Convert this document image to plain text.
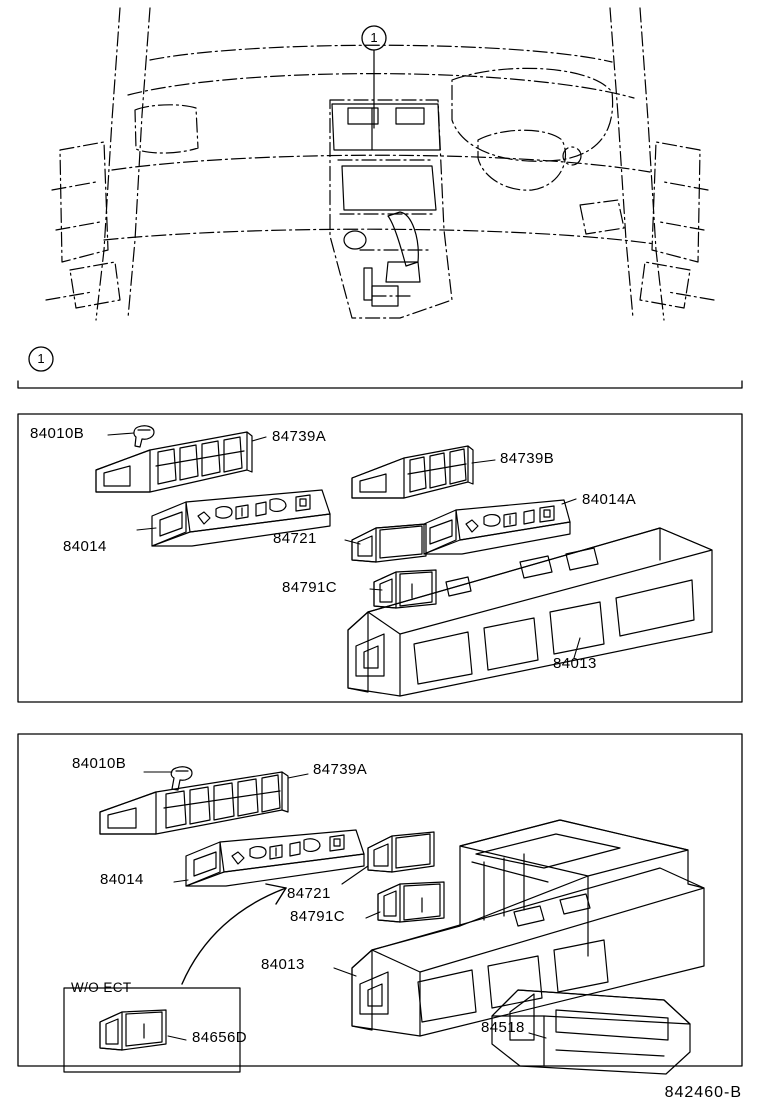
1
1
84010B	84739A
84739B
84014
84014A
84721
84791C
84013
84010B	84739A
84014
84721
84791C
84013
84656D
84518
W/O ECT
842460-B
